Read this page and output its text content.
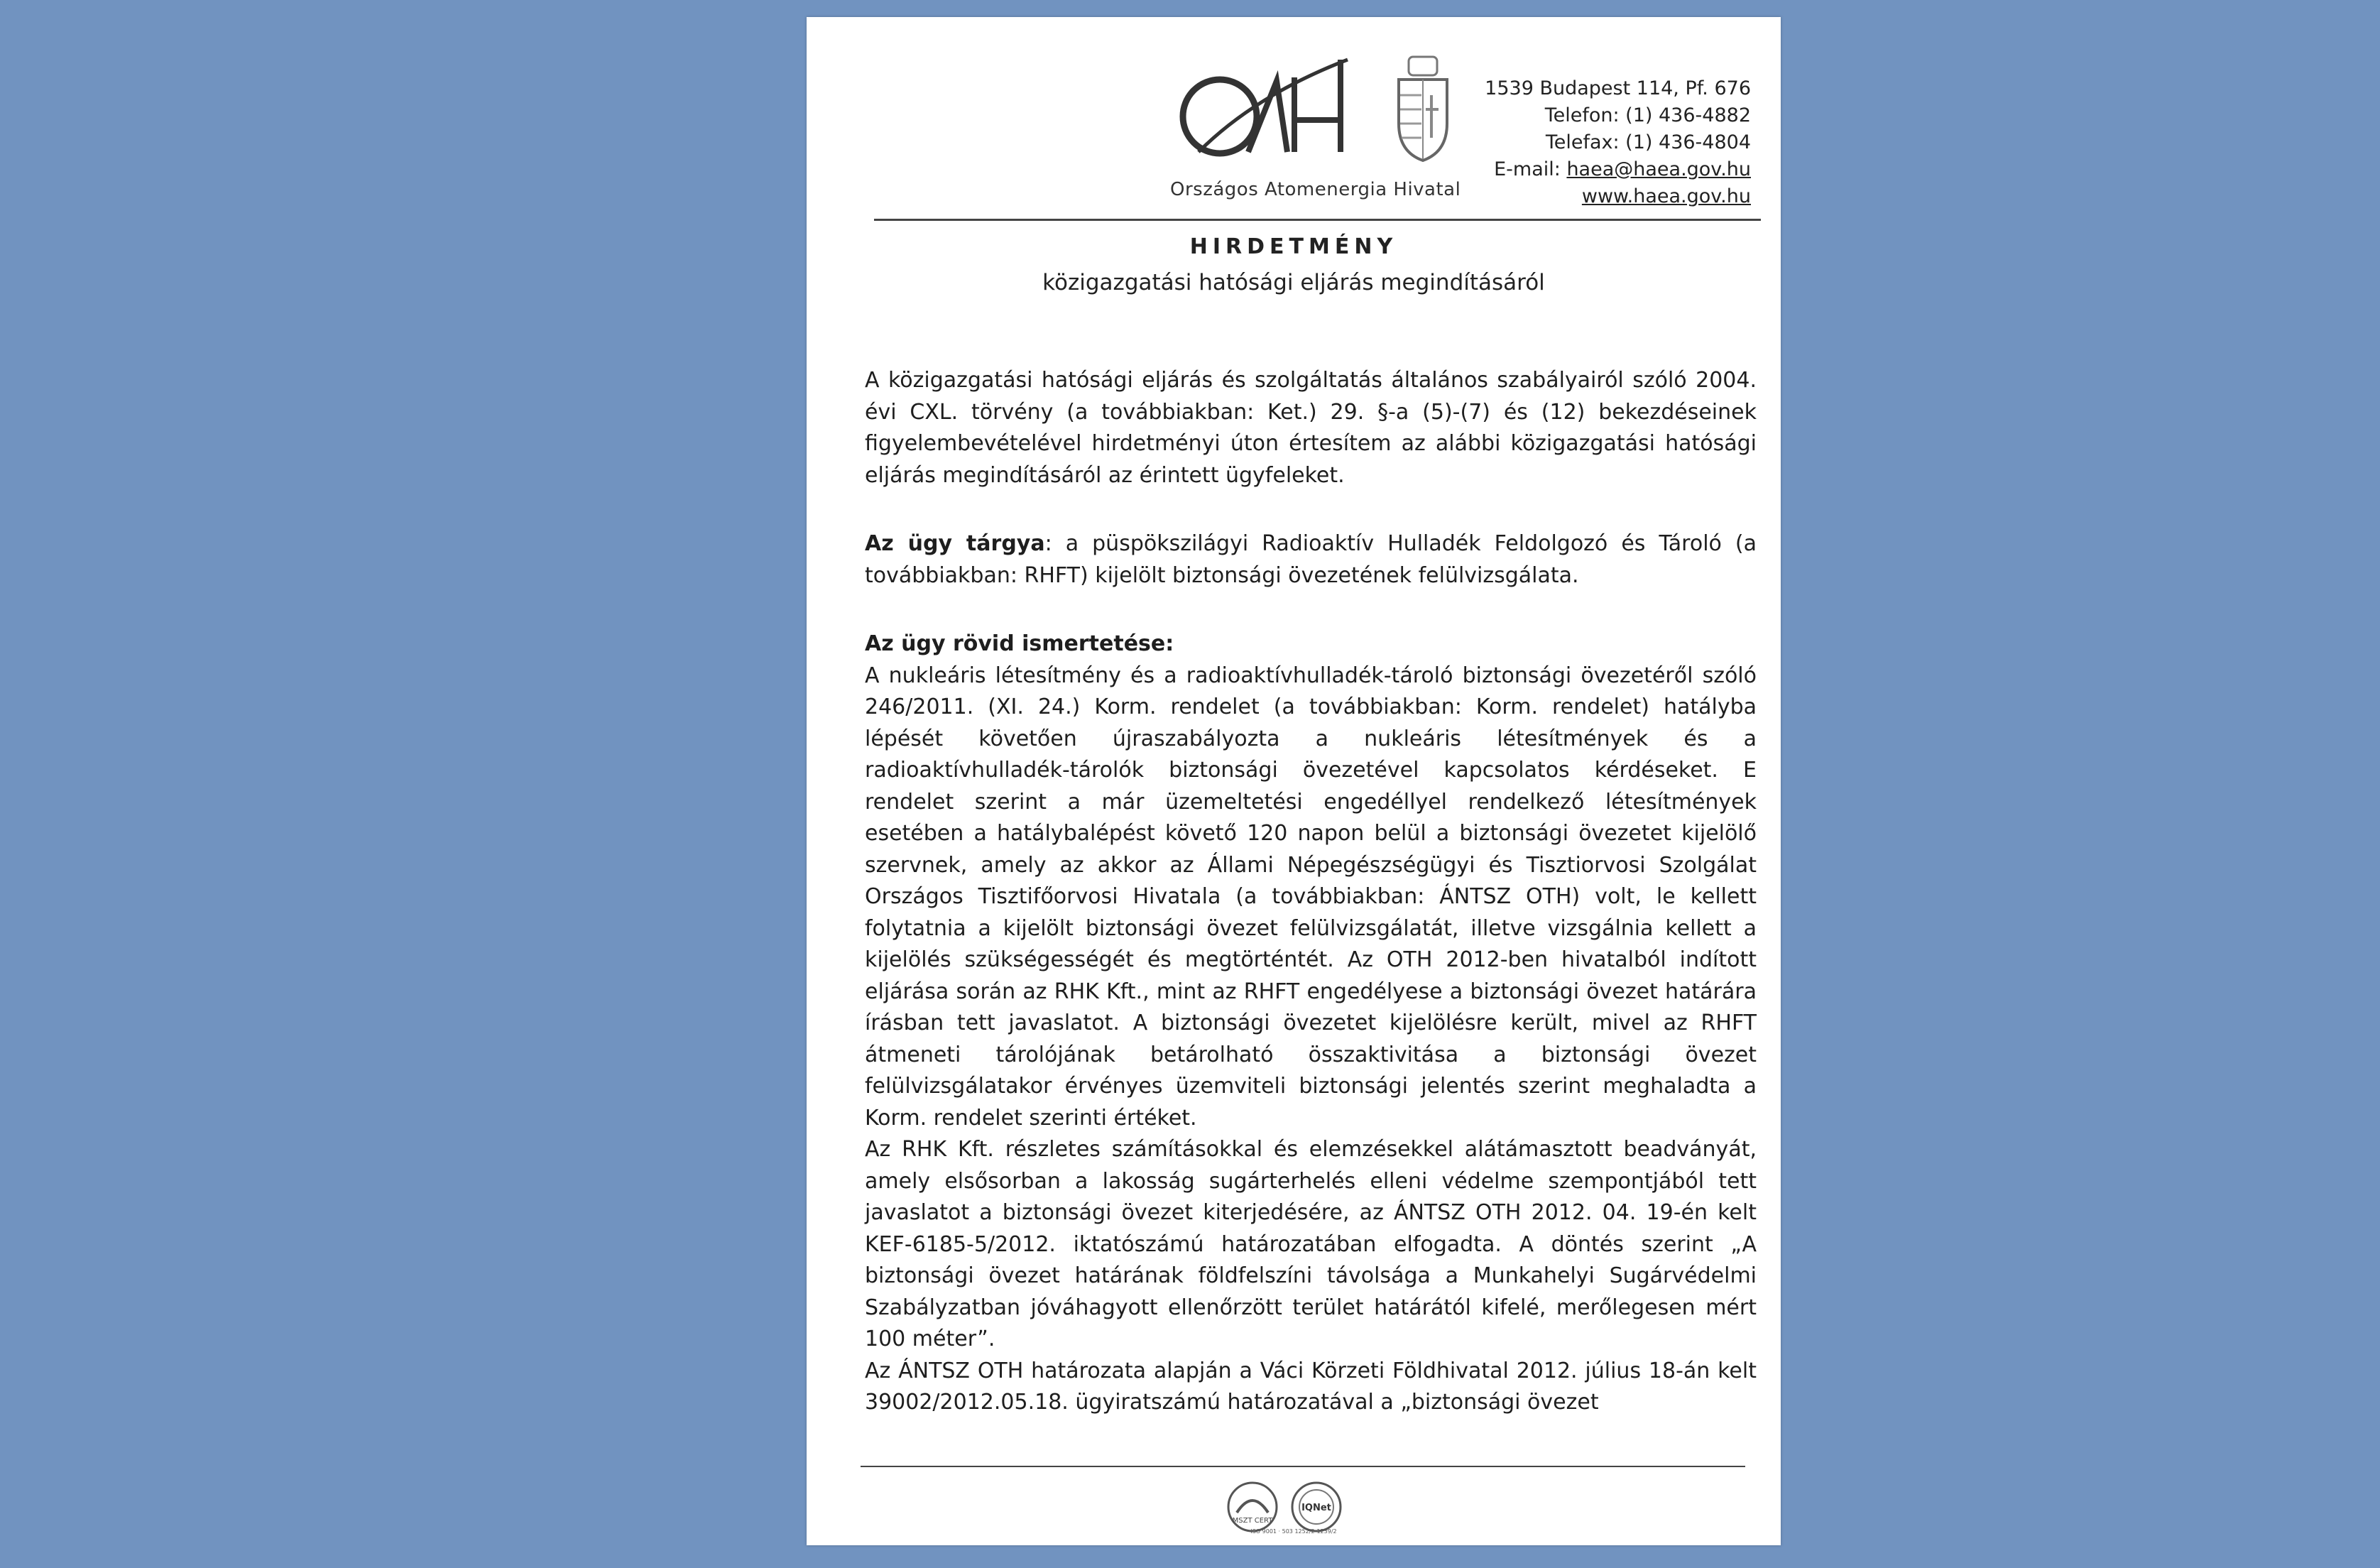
Országos Atomenergia Hivatal
1539 Budapest 114, Pf. 676
Telefon: (1) 436-4882
Telefax: (1) 436-4804
E-mail: haea@haea.gov.hu
www.haea.gov.hu
HIRDETMÉNY
közigazgatási hatósági eljárás megindításáról

A közigazgatási hatósági eljárás és szolgáltatás általános szabályairól szóló 2004. évi CXL. törvény (a továbbiakban: Ket.) 29. §-a (5)-(7) és (12) bekezdéseinek figyelembevételével hirdetményi úton értesítem az alábbi közigazgatási hatósági eljárás megindításáról az érintett ügyfeleket.

Az ügy tárgya: a püspökszilágyi Radioaktív Hulladék Feldolgozó és Tároló (a továbbiakban: RHFT) kijelölt biztonsági övezetének felülvizsgálata.

Az ügy rövid ismertetése:

A nukleáris létesítmény és a radioaktívhulladék-tároló biztonsági övezetéről szóló 246/2011. (XI. 24.) Korm. rendelet (a továbbiakban: Korm. rendelet) hatályba lépését követően újraszabályozta a nukleáris létesítmények és a radioaktívhulladék-tárolók biztonsági övezetével kapcsolatos kérdéseket. E rendelet szerint a már üzemeltetési engedéllyel rendelkező létesítmények esetében a hatálybalépést követő 120 napon belül a biztonsági övezetet kijelölő szervnek, amely az akkor az Állami Népegészségügyi és Tisztiorvosi Szolgálat Országos Tisztifőorvosi Hivatala (a továbbiakban: ÁNTSZ OTH) volt, le kellett folytatnia a kijelölt biztonsági övezet felülvizsgálatát, illetve vizsgálnia kellett a kijelölés szükségességét és megtörténtét. Az OTH 2012-ben hivatalból indított eljárása során az RHK Kft., mint az RHFT engedélyese a biztonsági övezet határára írásban tett javaslatot. A biztonsági övezetet kijelölésre került, mivel az RHFT átmeneti tárolójának betárolható összaktivitása a biztonsági övezet felülvizsgálatakor érvényes üzemviteli biztonsági jelentés szerint meghaladta a Korm. rendelet szerinti értéket.

Az RHK Kft. részletes számításokkal és elemzésekkel alátámasztott beadványát, amely elsősorban a lakosság sugárterhelés elleni védelme szempontjából tett javaslatot a biztonsági övezet kiterjedésére, az ÁNTSZ OTH 2012. 04. 19-én kelt KEF-6185-5/2012. iktatószámú határozatában elfogadta. A döntés szerint „A biztonsági övezet határának földfelszíni távolsága a Munkahelyi Sugárvédelmi Szabályzatban jóváhagyott ellenőrzött terület határától kifelé, merőlegesen mért 100 méter”.

Az ÁNTSZ OTH határozata alapján a Váci Körzeti Földhivatal 2012. július 18-án kelt 39002/2012.05.18. ügyiratszámú határozatával a „biztonsági övezet

MSZT CERT
IQNet
ISO 9001 · 503 1252/2-1239/2
